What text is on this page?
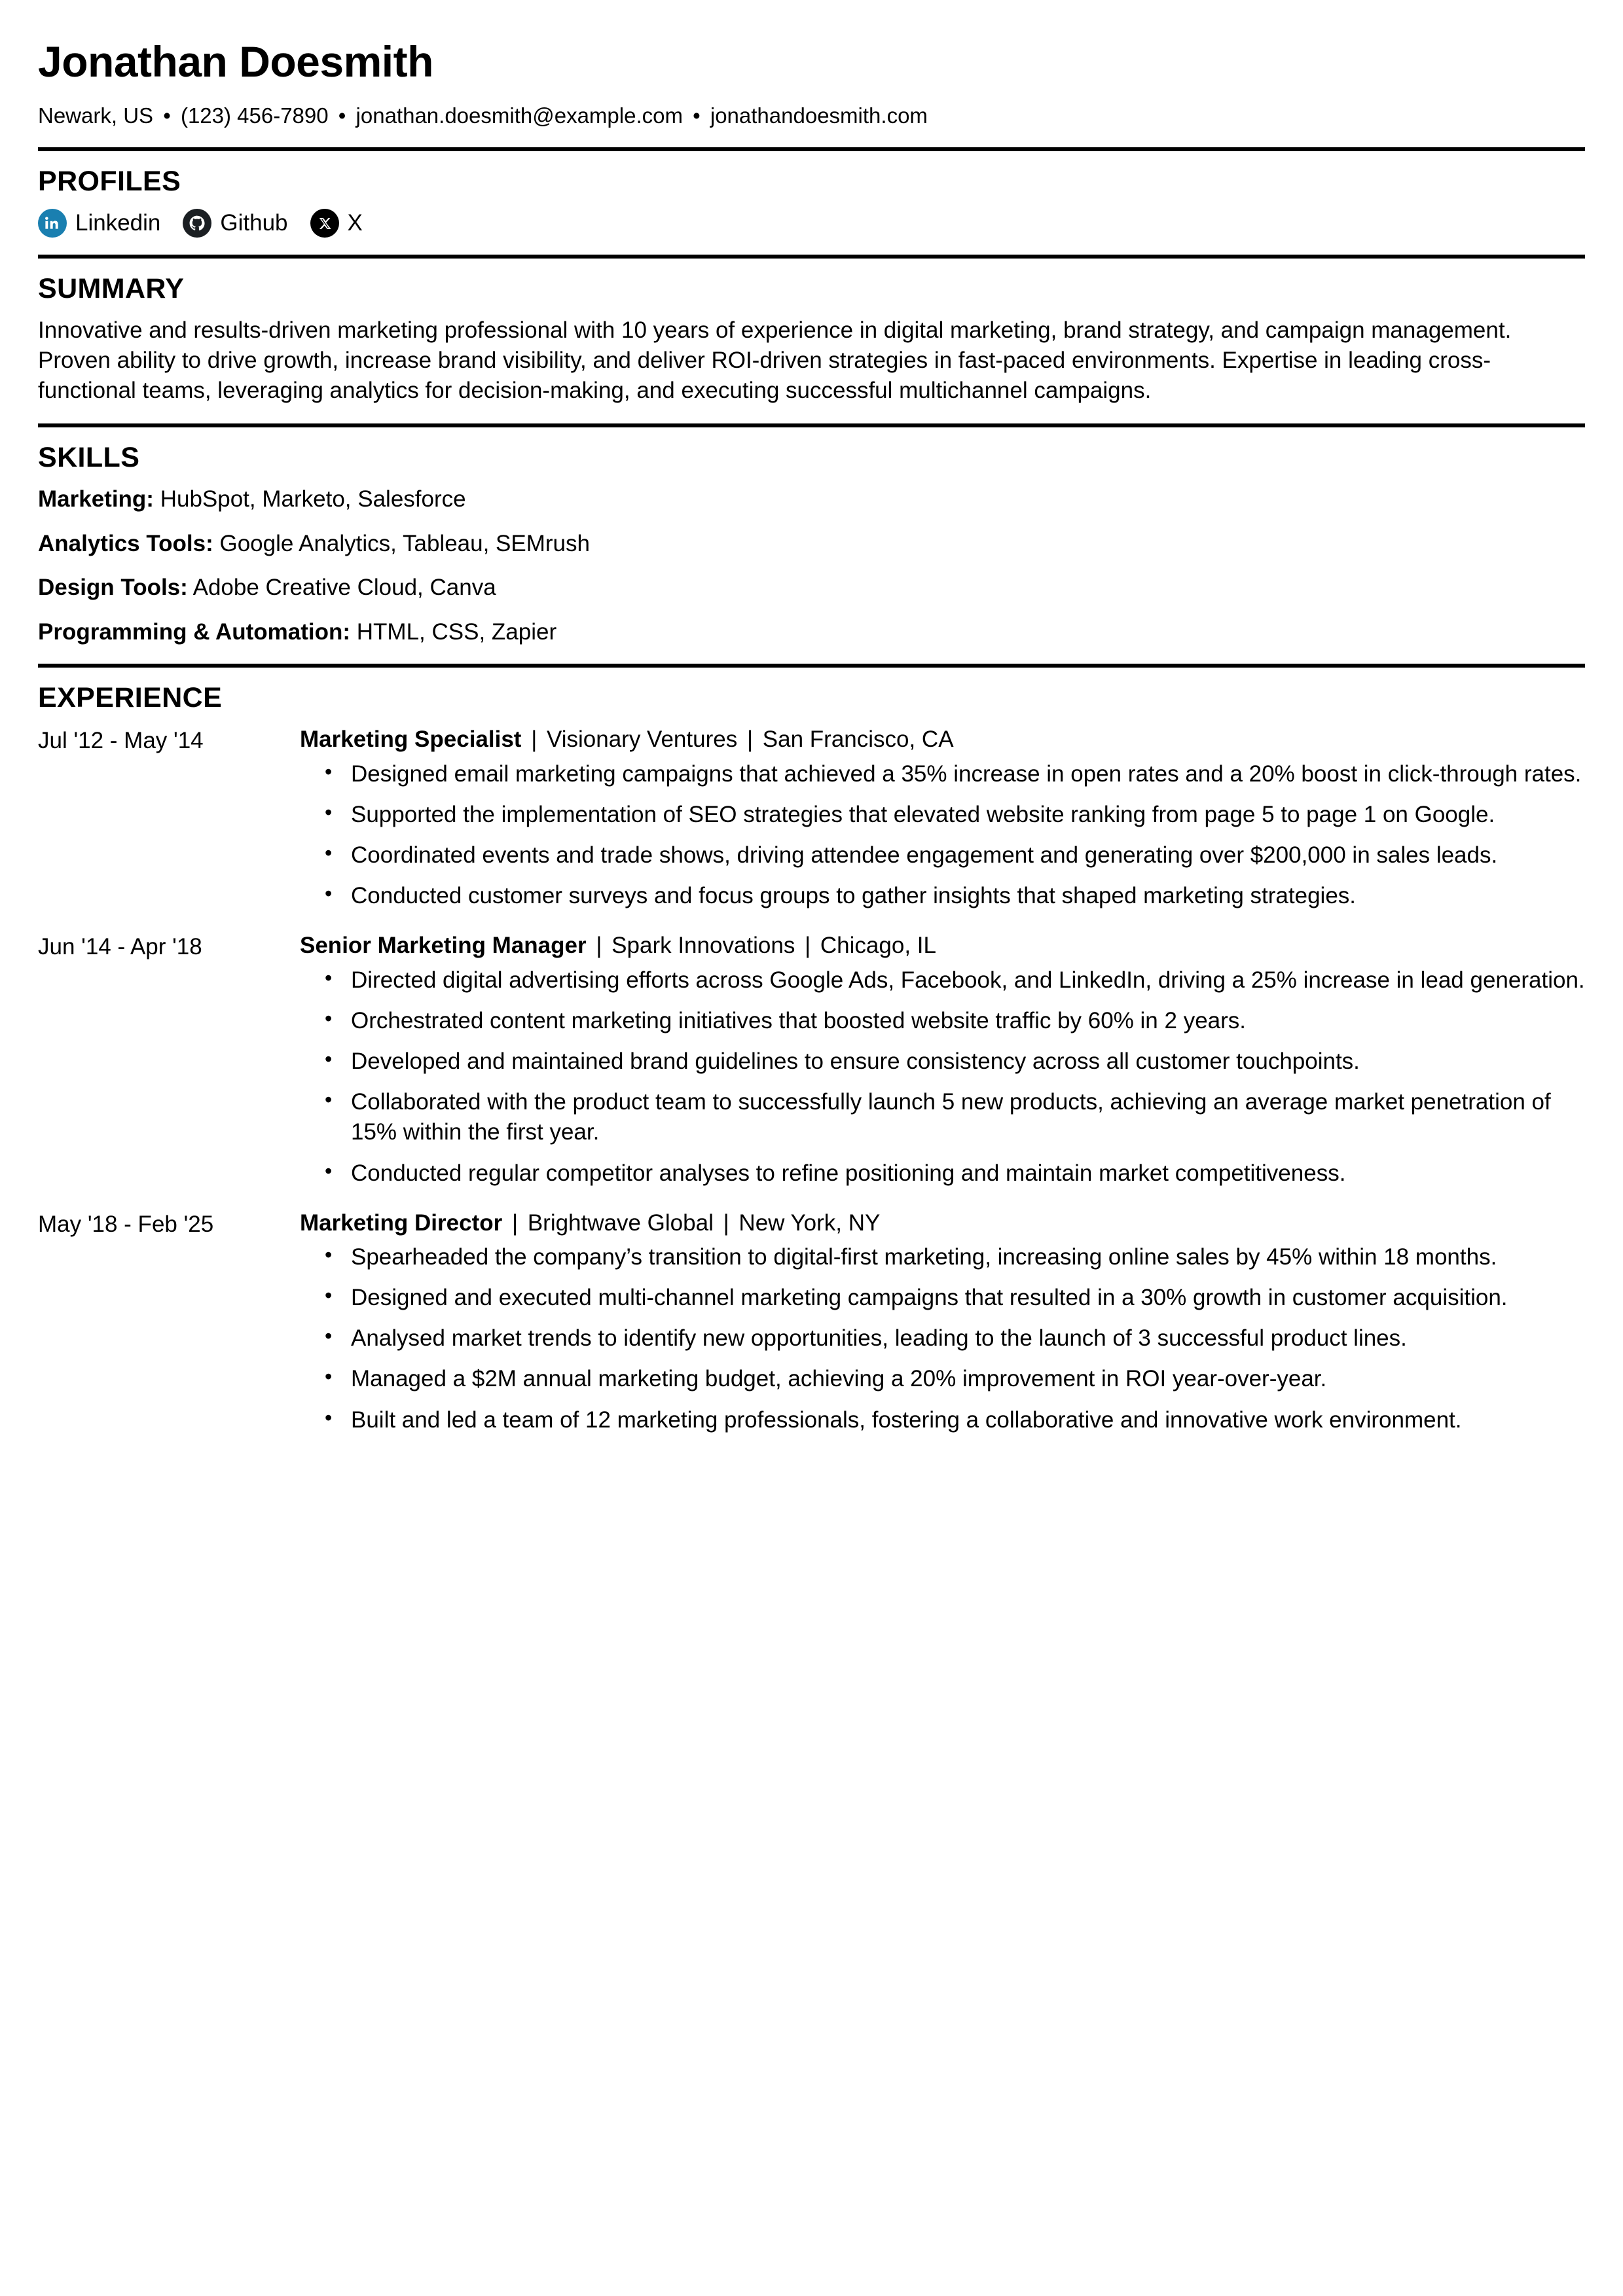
Jonathan Doesmith
Newark, US • (123) 456-7890 • jonathan.doesmith@example.com • jonathandoesmith.com
PROFILES
Linkedin	Github	X
SUMMARY

Innovative and results-driven marketing professional with 10 years of experience in digital marketing, brand strategy, and campaign management. Proven ability to drive growth, increase brand visibility, and deliver ROI-driven strategies in fast-paced environments. Expertise in leading cross-functional teams, leveraging analytics for decision-making, and executing successful multichannel campaigns.

SKILLS
Marketing: HubSpot, Marketo, Salesforce
Analytics Tools: Google Analytics, Tableau, SEMrush
Design Tools: Adobe Creative Cloud, Canva
Programming & Automation: HTML, CSS, Zapier
EXPERIENCE
Jul '12 - May '14	Marketing Specialist | Visionary Ventures | San Francisco, CA
• Designed email marketing campaigns that achieved a 35% increase in open rates and a 20% boost in click-through rates.
• Supported the implementation of SEO strategies that elevated website ranking from page 5 to page 1 on Google.
• Coordinated events and trade shows, driving attendee engagement and generating over $200,000 in sales leads.
• Conducted customer surveys and focus groups to gather insights that shaped marketing strategies.
Jun '14 - Apr '18	Senior Marketing Manager | Spark Innovations | Chicago, IL
• Directed digital advertising efforts across Google Ads, Facebook, and LinkedIn, driving a 25% increase in lead generation.
• Orchestrated content marketing initiatives that boosted website traffic by 60% in 2 years.
• Developed and maintained brand guidelines to ensure consistency across all customer touchpoints.
• Collaborated with the product team to successfully launch 5 new products, achieving an average market penetration of 15% within the first year.
• Conducted regular competitor analyses to refine positioning and maintain market competitiveness.
May '18 - Feb '25	Marketing Director | Brightwave Global | New York, NY
• Spearheaded the company’s transition to digital-first marketing, increasing online sales by 45% within 18 months.
• Designed and executed multi-channel marketing campaigns that resulted in a 30% growth in customer acquisition.
• Analysed market trends to identify new opportunities, leading to the launch of 3 successful product lines.
• Managed a $2M annual marketing budget, achieving a 20% improvement in ROI year-over-year.
• Built and led a team of 12 marketing professionals, fostering a collaborative and innovative work environment.
